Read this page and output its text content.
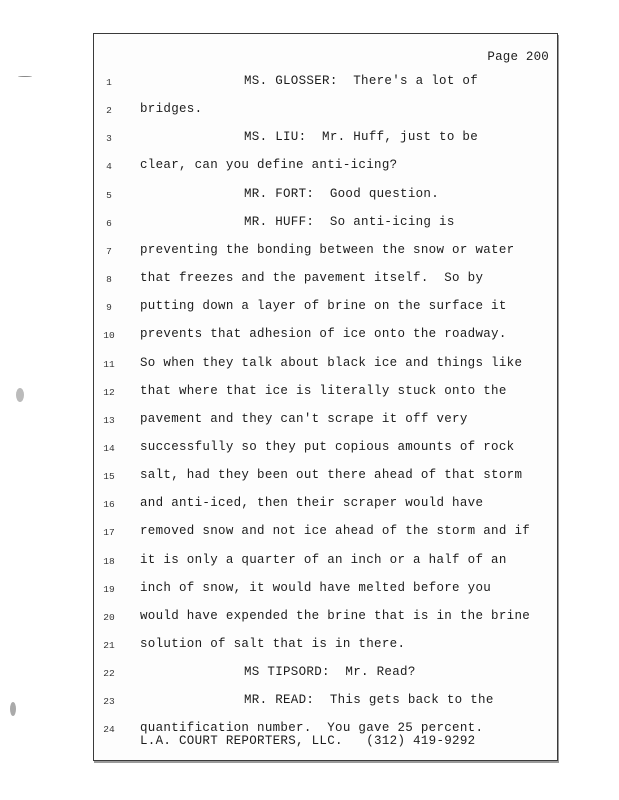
Page 200
1	MS. GLOSSER:  There's a lot of
2	bridges.
3	MS. LIU:  Mr. Huff, just to be
4	clear, can you define anti-icing?
5	MR. FORT:  Good question.
6	MR. HUFF:  So anti-icing is
7	preventing the bonding between the snow or water
8	that freezes and the pavement itself.  So by
9	putting down a layer of brine on the surface it
10 prevents that adhesion of ice onto the roadway.
11 So when they talk about black ice and things like
12 that where that ice is literally stuck onto the
13 pavement and they can't scrape it off very
14 successfully so they put copious amounts of rock
15 salt, had they been out there ahead of that storm
16 and anti-iced, then their scraper would have
17 removed snow and not ice ahead of the storm and if
18 it is only a quarter of an inch or a half of an
19 inch of snow, it would have melted before you
20 would have expended the brine that is in the brine
21 solution of salt that is in there.
22	MS TIPSORD:  Mr. Read?
23	MR. READ:  This gets back to the
24 quantification number.  You gave 25 percent.
L.A. COURT REPORTERS, LLC.   (312) 419-9292
